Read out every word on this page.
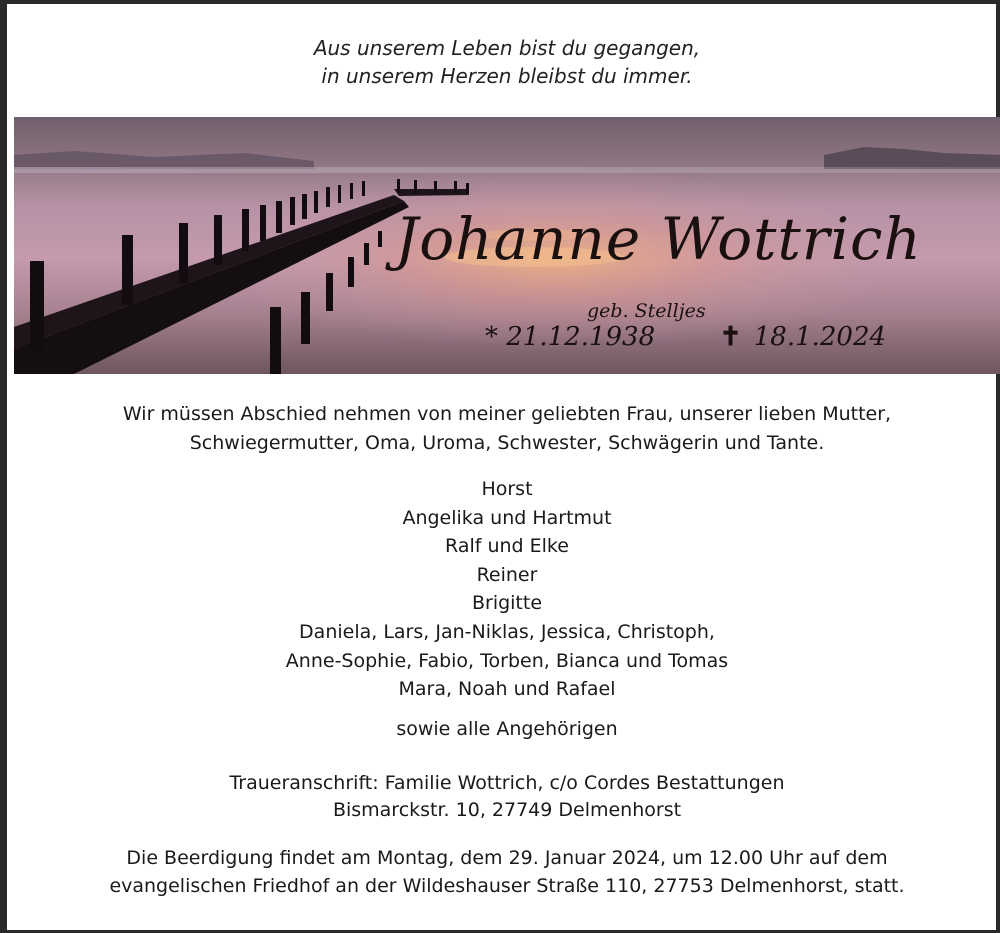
Aus unserem Leben bist du gegangen,
in unserem Herzen bleibst du immer.
Johanne Wottrich
geb. Stelljes
* 21.12.1938 ✝ 18.1.2024
Wir müssen Abschied nehmen von meiner geliebten Frau, unserer lieben Mutter,
Schwiegermutter, Oma, Uroma, Schwester, Schwägerin und Tante.
Horst
Angelika und Hartmut
Ralf und Elke
Reiner
Brigitte
Daniela, Lars, Jan-Niklas, Jessica, Christoph,
Anne-Sophie, Fabio, Torben, Bianca und Tomas
Mara, Noah und Rafael
sowie alle Angehörigen
Traueranschrift: Familie Wottrich, c/o Cordes Bestattungen
Bismarckstr. 10, 27749 Delmenhorst
Die Beerdigung findet am Montag, dem 29. Januar 2024, um 12.00 Uhr auf dem
evangelischen Friedhof an der Wildeshauser Straße 110, 27753 Delmenhorst, statt.
